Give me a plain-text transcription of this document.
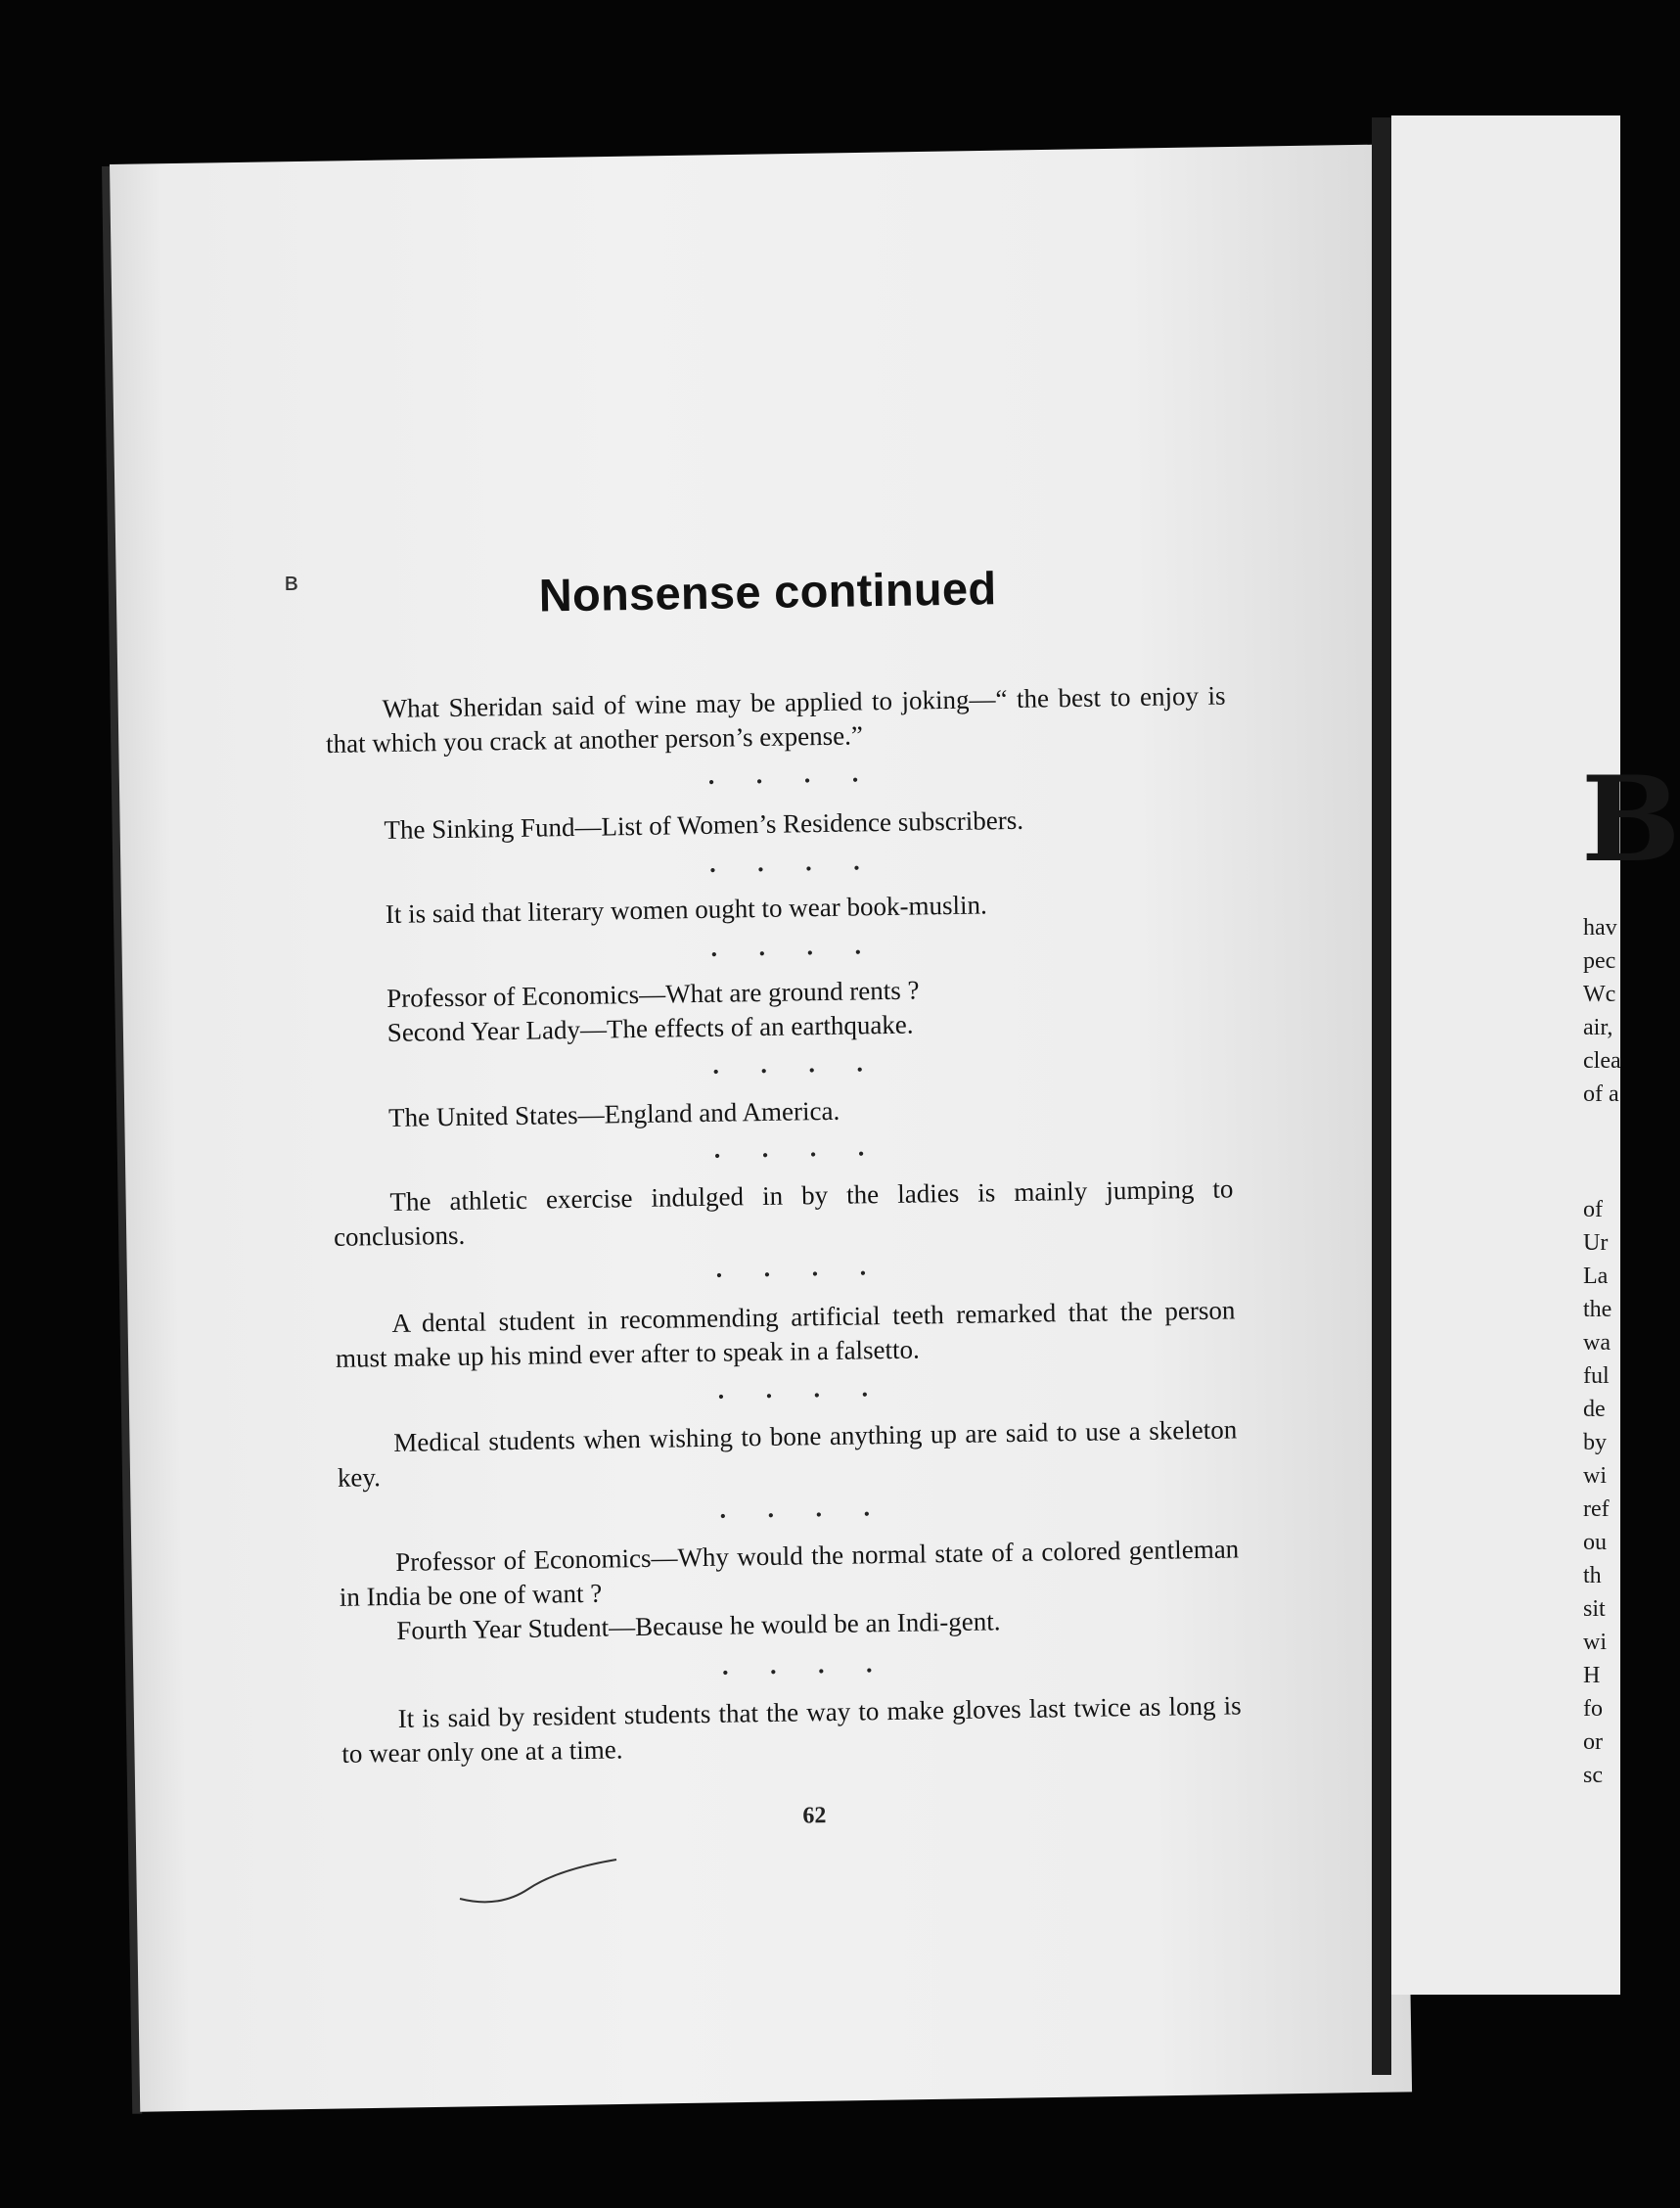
B
hav
pec
Wc
air,
clea
of a
of
Ur
La
the
wa
ful
de
by
wi
ref
ou
th
sit
wi
H
fo
or
sc
ʙ	Nonsense continued
What Sheridan said of wine may be applied to joking—“ the best to enjoy is that which you crack at another person’s expense.”
. . . .
The Sinking Fund—List of Women’s Residence subscribers.
. . . .
It is said that literary women ought to wear book-muslin.
. . . .
Professor of Economics—What are ground rents ?
Second Year Lady—The effects of an earthquake.
. . . .
The United States—England and America.
. . . .
The athletic exercise indulged in by the ladies is mainly jumping to conclusions.
. . . .
A dental student in recommending artificial teeth remarked that the person must make up his mind ever after to speak in a falsetto.
. . . .
Medical students when wishing to bone anything up are said to use a skeleton key.
. . . .
Professor of Economics—Why would the normal state of a colored gentleman in India be one of want ?
Fourth Year Student—Because he would be an Indi-gent.
. . . .
It is said by resident students that the way to make gloves last twice as long is to wear only one at a time.
62
